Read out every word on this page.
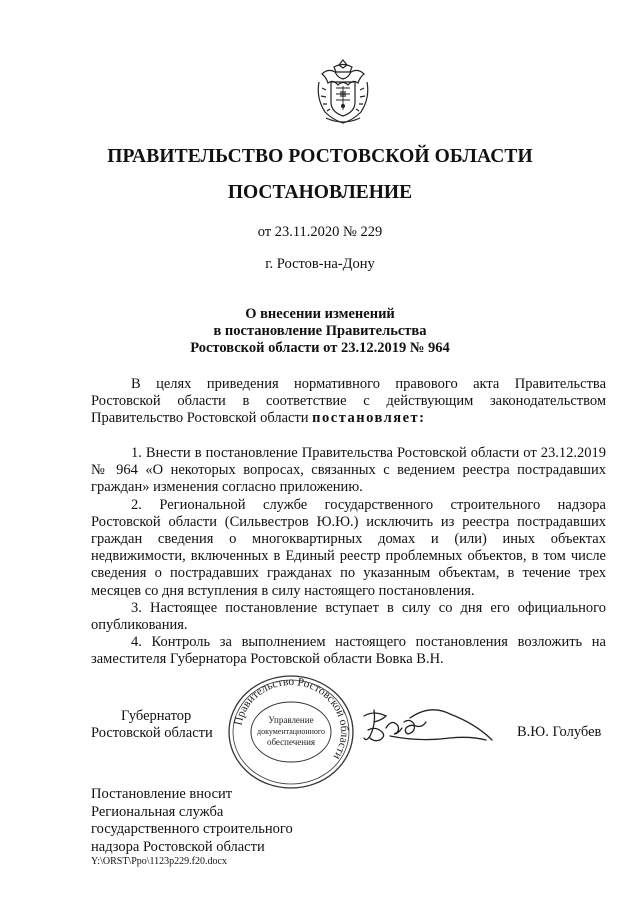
ПРАВИТЕЛЬСТВО РОСТОВСКОЙ ОБЛАСТИ
ПОСТАНОВЛЕНИЕ
от 23.11.2020 № 229
г. Ростов-на-Дону
О внесении изменений
в постановление Правительства
Ростовской области от 23.12.2019 № 964

В целях приведения нормативного правового акта Правительства Ростовской области в соответствие с действующим законодательством Правительство Ростовской области постановляет:

1. Внести в постановление Правительства Ростовской области от 23.12.2019 № 964 «О некоторых вопросах, связанных с ведением реестра пострадавших граждан» изменения согласно приложению.

2. Региональной службе государственного строительного надзора Ростовской области (Сильвестров Ю.Ю.) исключить из реестра пострадавших граждан сведения о многоквартирных домах и (или) иных объектах недвижимости, включенных в Единый реестр проблемных объектов, в том числе сведения о пострадавших гражданах по указанным объектам, в течение трех месяцев со дня вступления в силу настоящего постановления.

3. Настоящее постановление вступает в силу со дня его официального опубликования.

4. Контроль за выполнением настоящего постановления возложить на заместителя Губернатора Ростовской области Вовка В.Н.

Губернатор
Ростовской области
Правительство Ростовской области
Управление
документационного
обеспечения
В.Ю. Голубев
Постановление вносит
Региональная служба
государственного строительного
надзора Ростовской области
Y:\ORST\Ppo\1123p229.f20.docx
